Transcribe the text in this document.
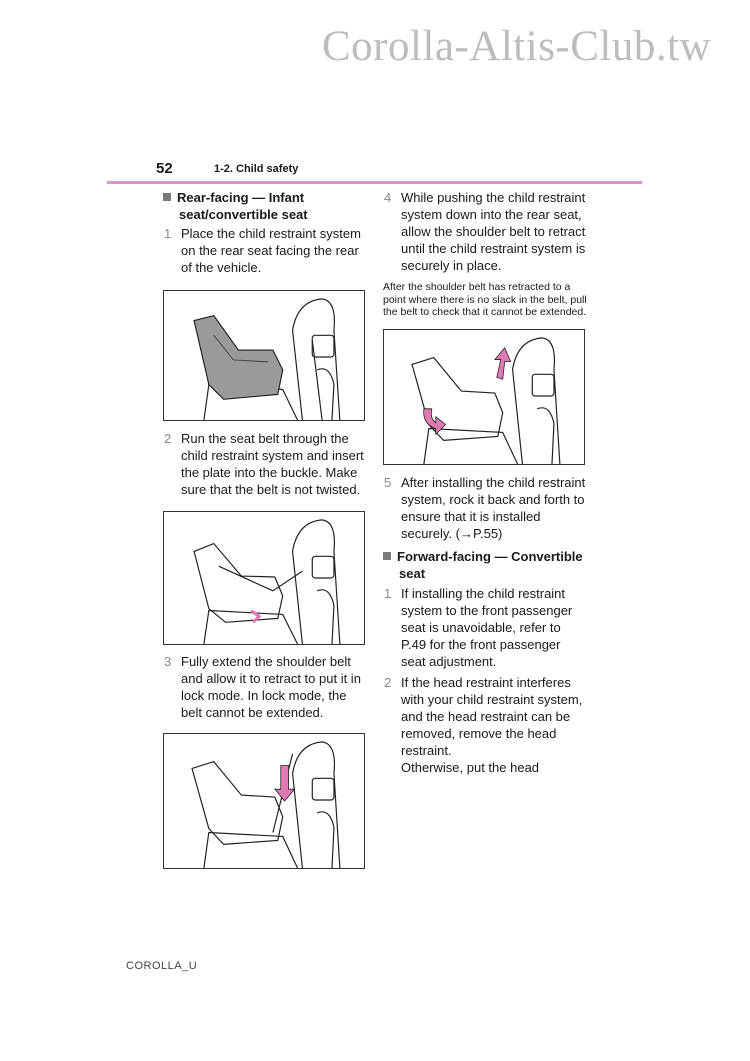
Corolla-Altis-Club.tw
52	1-2. Child safety
Rear-facing — Infant seat/convertible seat
1 Place the child restraint system on the rear seat facing the rear of the vehicle.
2 Run the seat belt through the child restraint system and insert the plate into the buckle. Make sure that the belt is not twisted.
3 Fully extend the shoulder belt and allow it to retract to put it in lock mode. In lock mode, the belt cannot be extended.
4 While pushing the child restraint system down into the rear seat, allow the shoulder belt to retract until the child restraint system is securely in place.
After the shoulder belt has retracted to a point where there is no slack in the belt, pull the belt to check that it cannot be extended.
5 After installing the child restraint system, rock it back and forth to ensure that it is installed securely. (→P.55)
Forward-facing — Convertible seat
1 If installing the child restraint system to the front passenger seat is unavoidable, refer to P.49 for the front passenger seat adjustment.
2 If the head restraint interferes with your child restraint system, and the head restraint can be removed, remove the head restraint.
Otherwise, put the head
COROLLA_U
